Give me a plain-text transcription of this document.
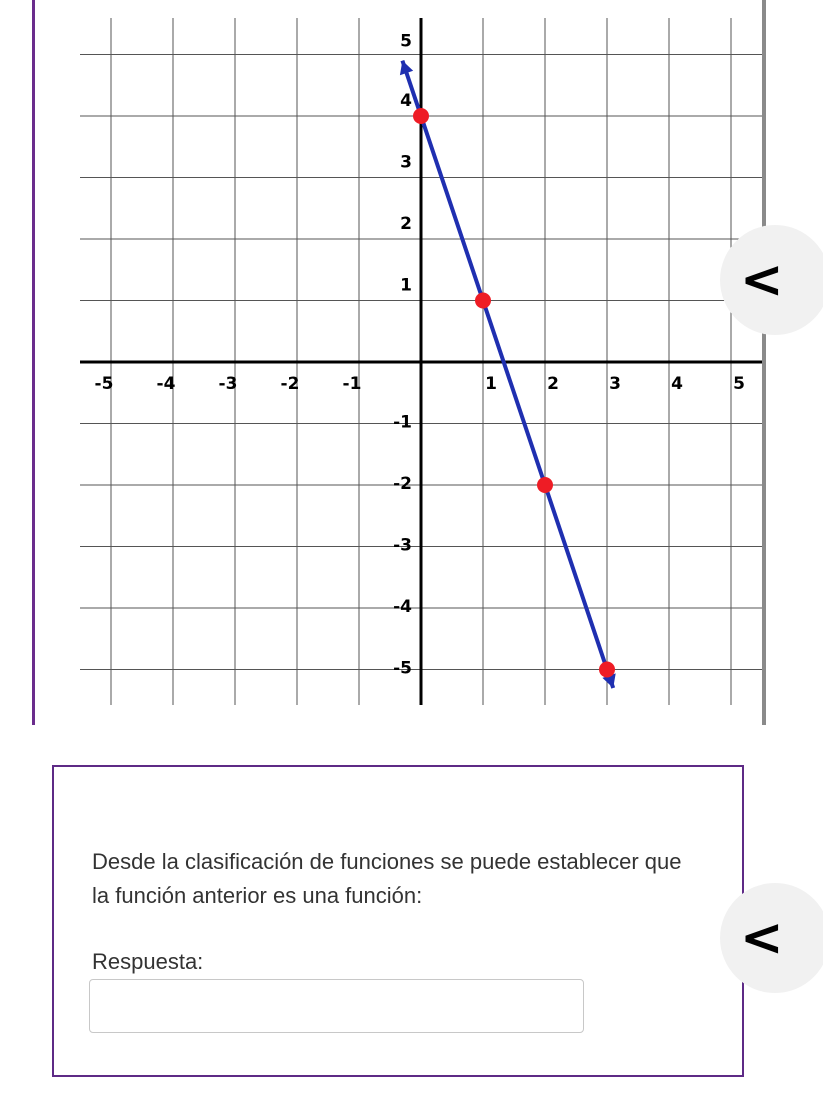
-5	-4	-3	-2	-1	1	2	3	4	5
5
4
3
2
1
-1
-2
-3
-4
-5
<
Desde la clasificación de funciones se puede establecer que la función anterior es una función:
Respuesta:	<
